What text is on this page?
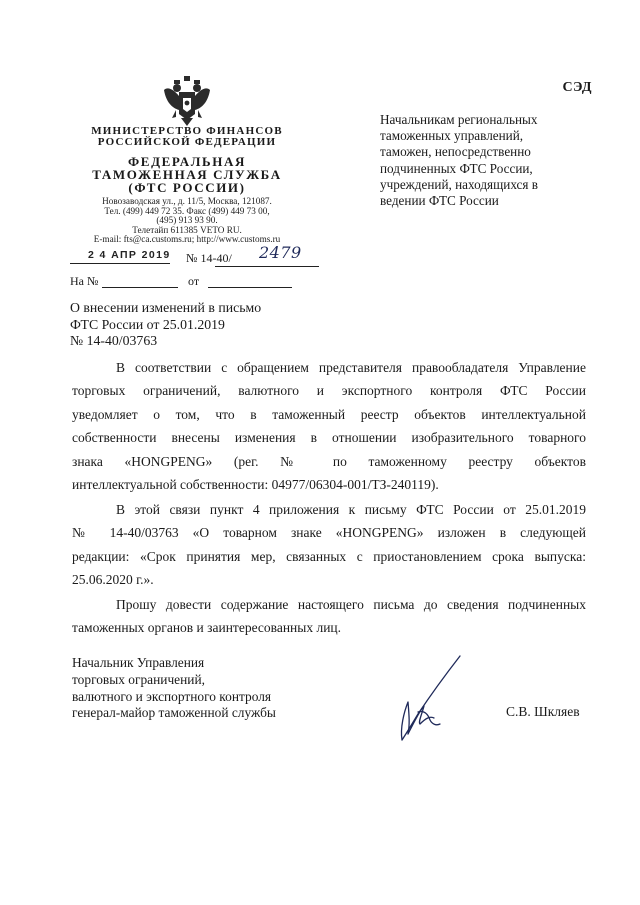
СЭД
МИНИСТЕРСТВО ФИНАНСОВ
РОССИЙСКОЙ ФЕДЕРАЦИИ
ФЕДЕРАЛЬНАЯ
ТАМОЖЕННАЯ СЛУЖБА
(ФТС РОССИИ)
Новозаводская ул., д. 11/5, Москва, 121087.
Тел. (499) 449 72 35. Факс (499) 449 73 00,
(495) 913 93 90.
Телетайп 611385 VETO RU.
E-mail: fts@ca.customs.ru; http://www.customs.ru
2 4 АПР 2019 № 14-40/ 2479
На №	от
Начальникам региональных
таможенных управлений,
таможен, непосредственно
подчиненных ФТС России,
учреждений, находящихся в
ведении ФТС России
О внесении изменений в письмо
ФТС России от 25.01.2019
№ 14-40/03763
В соответствии с обращением представителя правообладателя Управление
торговых ограничений, валютного и экспортного контроля ФТС России
уведомляет о том, что в таможенный реестр объектов интеллектуальной
собственности внесены изменения в отношении изобразительного товарного
знака «HONGPENG» (рег. № по таможенному реестру объектов
интеллектуальной собственности: 04977/06304-001/ТЗ-240119).
В этой связи пункт 4 приложения к письму ФТС России от 25.01.2019
№ 14-40/03763 «О товарном знаке «HONGPENG» изложен в следующей
редакции: «Срок принятия мер, связанных с приостановлением срока выпуска:
25.06.2020 г.».
Прошу довести содержание настоящего письма до сведения подчиненных
таможенных органов и заинтересованных лиц.
Начальник Управления
торговых ограничений,
валютного и экспортного контроля
генерал-майор таможенной службы	С.В. Шкляев
